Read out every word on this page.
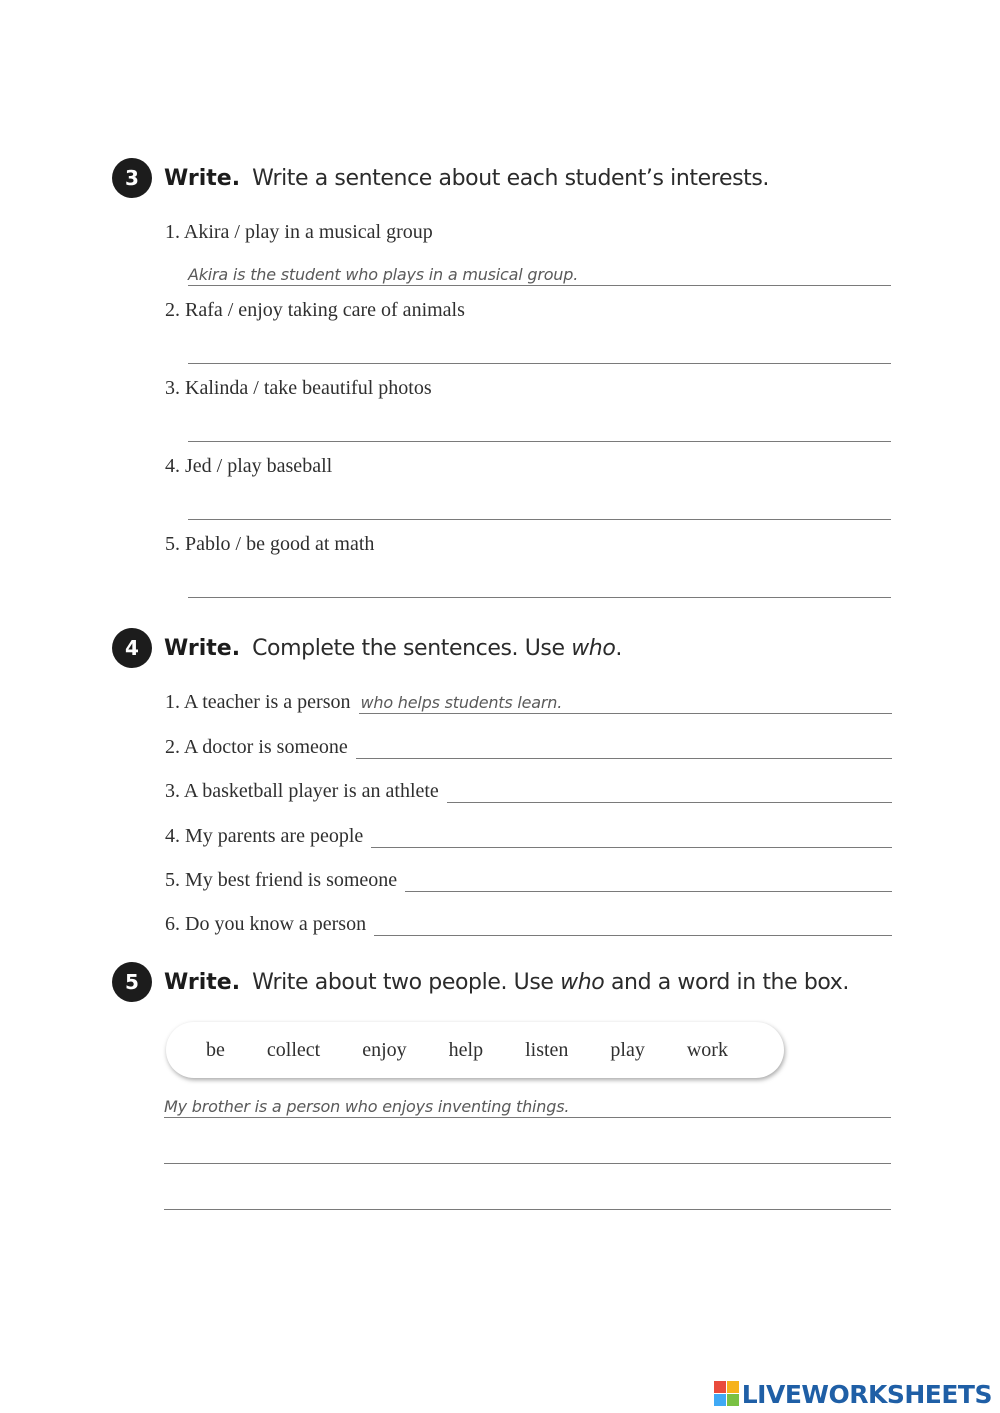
3	Write. Write a sentence about each student’s interests.
1. Akira / play in a musical group
Akira is the student who plays in a musical group.
2. Rafa / enjoy taking care of animals
3. Kalinda / take beautiful photos
4. Jed / play baseball
5. Pablo / be good at math
4	Write. Complete the sentences. Use who.
1. A teacher is a person who helps students learn.
2. A doctor is someone
3. A basketball player is an athlete
4. My parents are people
5. My best friend is someone
6. Do you know a person
5	Write. Write about two people. Use who and a word in the box.
be collect enjoy help listen play work
My brother is a person who enjoys inventing things.
LIVEWORKSHEETS
